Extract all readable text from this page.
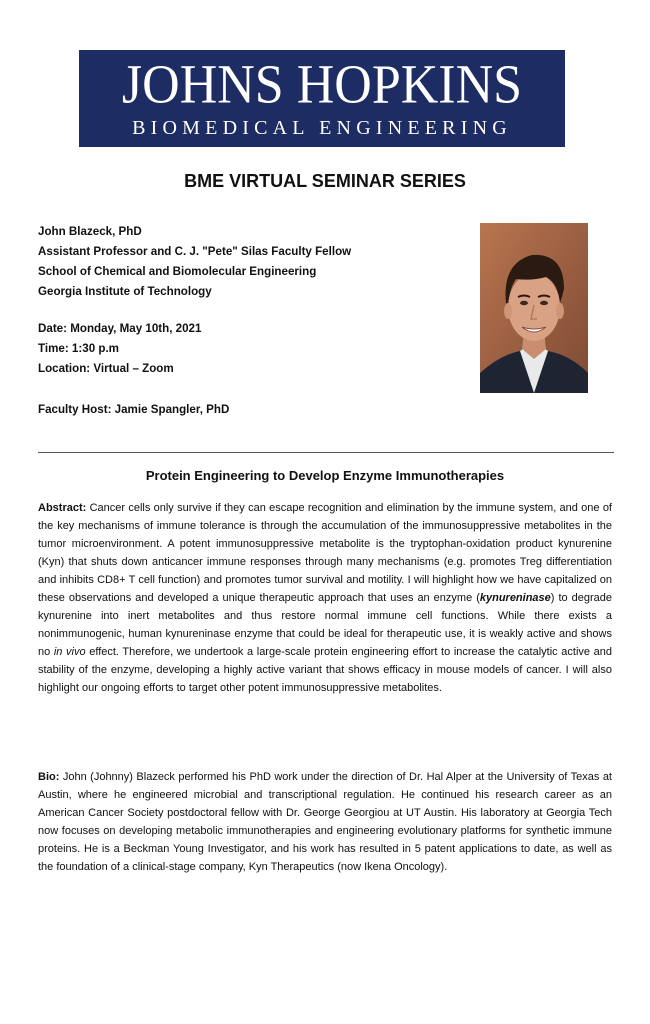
JOHNS HOPKINS
BIOMEDICAL ENGINEERING
BME VIRTUAL SEMINAR SERIES
John Blazeck, PhD
Assistant Professor and C. J. "Pete" Silas Faculty Fellow
School of Chemical and Biomolecular Engineering
Georgia Institute of Technology
Date: Monday, May 10th, 2021
Time: 1:30 p.m
Location: Virtual – Zoom
Faculty Host: Jamie Spangler, PhD
Protein Engineering to Develop Enzyme Immunotherapies
Abstract: Cancer cells only survive if they can escape recognition and elimination by the immune system, and one of the key mechanisms of immune tolerance is through the accumulation of the immunosuppressive metabolites in the tumor microenvironment. A potent immunosuppressive metabolite is the tryptophan-oxidation product kynurenine (Kyn) that shuts down anticancer immune responses through many mechanisms (e.g. promotes Treg differentiation and inhibits CD8+ T cell function) and promotes tumor survival and motility. I will highlight how we have capitalized on these observations and developed a unique therapeutic approach that uses an enzyme (kynureninase) to degrade kynurenine into inert metabolites and thus restore normal immune cell functions. While there exists a nonimmunogenic, human kynureninase enzyme that could be ideal for therapeutic use, it is weakly active and shows no in vivo effect. Therefore, we undertook a large-scale protein engineering effort to increase the catalytic active and stability of the enzyme, developing a highly active variant that shows efficacy in mouse models of cancer. I will also highlight our ongoing efforts to target other potent immunosuppressive metabolites.
Bio: John (Johnny) Blazeck performed his PhD work under the direction of Dr. Hal Alper at the University of Texas at Austin, where he engineered microbial and transcriptional regulation. He continued his research career as an American Cancer Society postdoctoral fellow with Dr. George Georgiou at UT Austin. His laboratory at Georgia Tech now focuses on developing metabolic immunotherapies and engineering evolutionary platforms for synthetic immune proteins. He is a Beckman Young Investigator, and his work has resulted in 5 patent applications to date, as well as the foundation of a clinical-stage company, Kyn Therapeutics (now Ikena Oncology).
